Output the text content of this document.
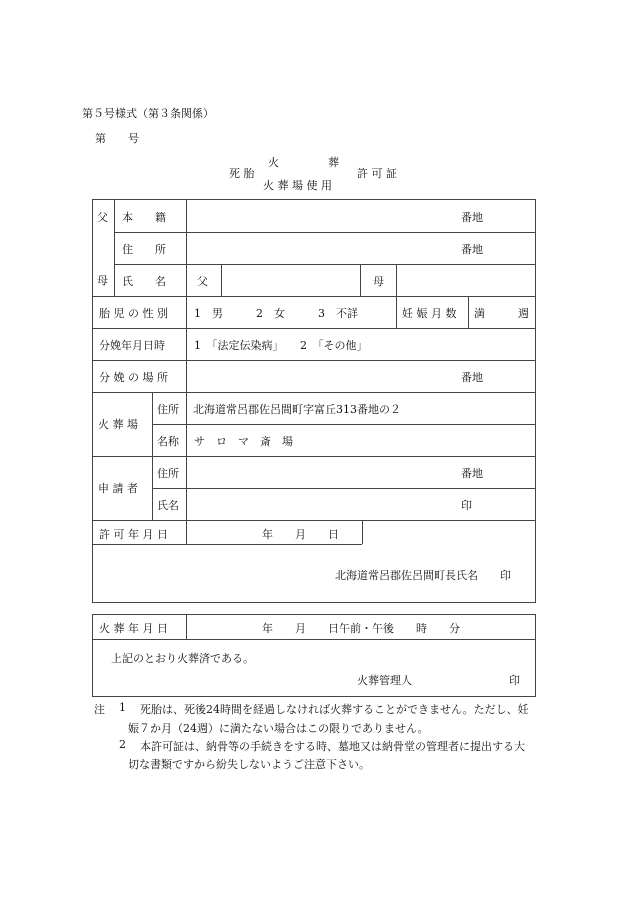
第５号様式（第３条関係）
第　　号
火　　　　葬
死 胎	許 可 証
火 葬 場 使 用
父
母
本　　籍	番地
住　　所	番地
氏　　名	父	母
胎 児 の 性 別 1　男　　　2　女　　　3　不詳	妊 娠 月 数 満　　　週
分娩年月日時	1　「法定伝染病」　　2　「その他」
分 娩 の 場 所	番地
火 葬 場
住所 北海道常呂郡佐呂間町字富丘313番地の２
名称 サ　ロ　マ　斎　場
申 請 者
住所	番地
氏名	印
許 可 年 月 日	年　　月　　日
北海道常呂郡佐呂間町長氏名　　印
火 葬 年 月 日	年　　月　　日午前・午後　　時　　分
上記のとおり火葬済である。
火葬管理人	印
注 1 死胎は、死後24時間を経過しなければ火葬することができません。ただし、妊
娠７か月（24週）に満たない場合はこの限りでありません。
2 本許可証は、納骨等の手続きをする時、墓地又は納骨堂の管理者に提出する大
切な書類ですから紛失しないようご注意下さい。
